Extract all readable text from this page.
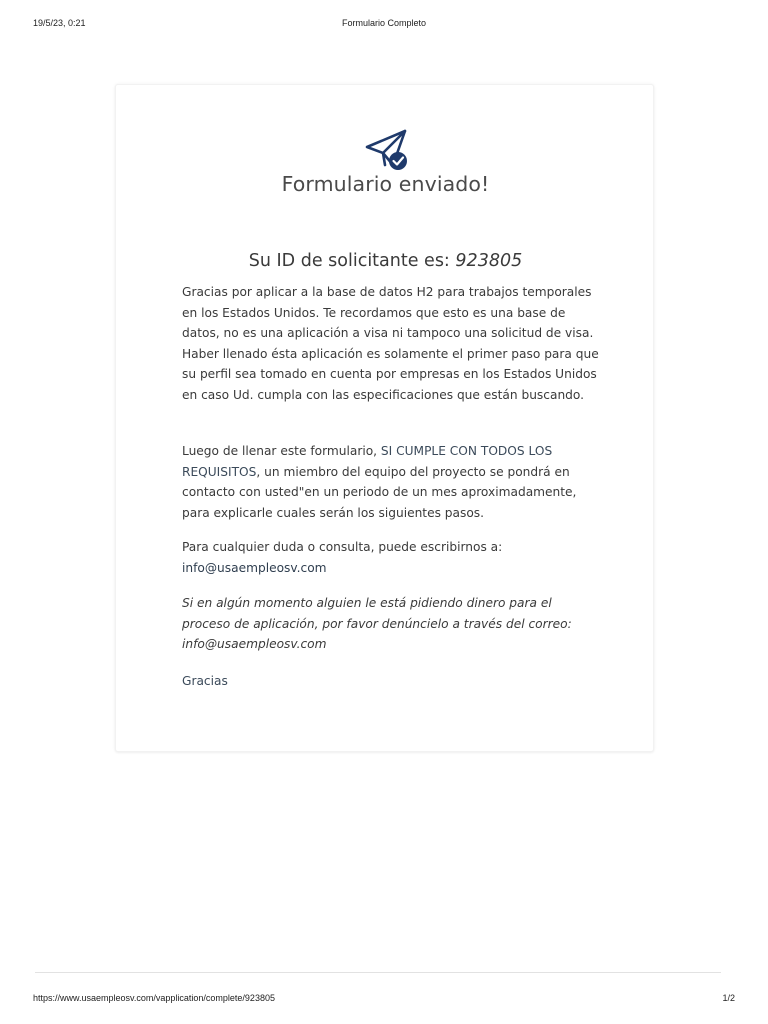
19/5/23, 0:21	Formulario Completo
Formulario enviado!
Su ID de solicitante es: 923805
Gracias por aplicar a la base de datos H2 para trabajos temporales en los Estados Unidos. Te recordamos que esto es una base de datos, no es una aplicación a visa ni tampoco una solicitud de visa. Haber llenado ésta aplicación es solamente el primer paso para que su perfil sea tomado en cuenta por empresas en los Estados Unidos en caso Ud. cumpla con las especificaciones que están buscando.
Luego de llenar este formulario, SI CUMPLE CON TODOS LOS REQUISITOS, un miembro del equipo del proyecto se pondrá en contacto con usted"en un periodo de un mes aproximadamente, para explicarle cuales serán los siguientes pasos.
Para cualquier duda o consulta, puede escribirnos a:
info@usaempleosv.com
Si en algún momento alguien le está pidiendo dinero para el proceso de aplicación, por favor denúncielo a través del correo: info@usaempleosv.com
Gracias
https://www.usaempleosv.com/vapplication/complete/923805	1/2
